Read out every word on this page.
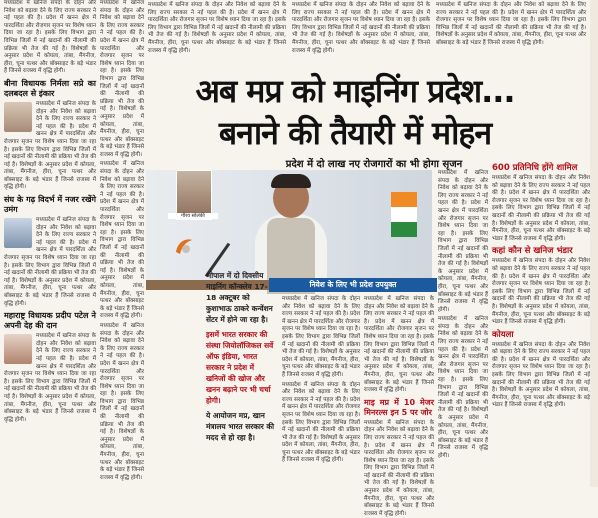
मध्यप्रदेश में खनिज संपदा के दोहन और निवेश को बढ़ावा देने के लिए राज्य सरकार ने नई पहल की है। प्रदेश में खनन क्षेत्र में पारदर्शिता और रोजगार सृजन पर विशेष ध्यान दिया जा रहा है। इसके लिए विभाग द्वारा विभिन्न जिलों में नई खदानों की नीलामी की प्रक्रिया भी तेज की गई है। विशेषज्ञों के अनुसार प्रदेश में कोयला, तांबा, मैंगनीज, हीरा, चूना पत्थर और बॉक्साइट के बड़े भंडार हैं जिनसे राजस्व में वृद्धि होगी।

बीना विधायक निर्मला सप्रे का दलबदल से इंकार

मध्यप्रदेश में खनिज संपदा के दोहन और निवेश को बढ़ावा देने के लिए राज्य सरकार ने नई पहल की है। प्रदेश में खनन क्षेत्र में पारदर्शिता और रोजगार सृजन पर विशेष ध्यान दिया जा रहा है। इसके लिए विभाग द्वारा विभिन्न जिलों में नई खदानों की नीलामी की प्रक्रिया भी तेज की गई है। विशेषज्ञों के अनुसार प्रदेश में कोयला, तांबा, मैंगनीज, हीरा, चूना पत्थर और बॉक्साइट के बड़े भंडार हैं जिनसे राजस्व में वृद्धि होगी।

संघ के गढ़ विदर्भ में नजर रखेंगे उमंग

मध्यप्रदेश में खनिज संपदा के दोहन और निवेश को बढ़ावा देने के लिए राज्य सरकार ने नई पहल की है। प्रदेश में खनन क्षेत्र में पारदर्शिता और रोजगार सृजन पर विशेष ध्यान दिया जा रहा है। इसके लिए विभाग द्वारा विभिन्न जिलों में नई खदानों की नीलामी की प्रक्रिया भी तेज की गई है। विशेषज्ञों के अनुसार प्रदेश में कोयला, तांबा, मैंगनीज, हीरा, चूना पत्थर और बॉक्साइट के बड़े भंडार हैं जिनसे राजस्व में वृद्धि होगी।

महाराष्ट्र विधायक प्रदीप पटेल ने अपनी देह की दान

मध्यप्रदेश में खनिज संपदा के दोहन और निवेश को बढ़ावा देने के लिए राज्य सरकार ने नई पहल की है। प्रदेश में खनन क्षेत्र में पारदर्शिता और रोजगार सृजन पर विशेष ध्यान दिया जा रहा है। इसके लिए विभाग द्वारा विभिन्न जिलों में नई खदानों की नीलामी की प्रक्रिया भी तेज की गई है। विशेषज्ञों के अनुसार प्रदेश में कोयला, तांबा, मैंगनीज, हीरा, चूना पत्थर और बॉक्साइट के बड़े भंडार हैं जिनसे राजस्व में वृद्धि होगी।

मध्यप्रदेश में खनिज संपदा के दोहन और निवेश को बढ़ावा देने के लिए राज्य सरकार ने नई पहल की है। प्रदेश में खनन क्षेत्र में पारदर्शिता और रोजगार सृजन पर विशेष ध्यान दिया जा रहा है। इसके लिए विभाग द्वारा विभिन्न जिलों में नई खदानों की नीलामी की प्रक्रिया भी तेज की गई है। विशेषज्ञों के अनुसार प्रदेश में कोयला, तांबा, मैंगनीज, हीरा, चूना पत्थर और बॉक्साइट के बड़े भंडार हैं जिनसे राजस्व में वृद्धि होगी।

मध्यप्रदेश में खनिज संपदा के दोहन और निवेश को बढ़ावा देने के लिए राज्य सरकार ने नई पहल की है। प्रदेश में खनन क्षेत्र में पारदर्शिता और रोजगार सृजन पर विशेष ध्यान दिया जा रहा है। इसके लिए विभाग द्वारा विभिन्न जिलों में नई खदानों की नीलामी की प्रक्रिया भी तेज की गई है। विशेषज्ञों के अनुसार प्रदेश में कोयला, तांबा, मैंगनीज, हीरा, चूना पत्थर और बॉक्साइट के बड़े भंडार हैं जिनसे राजस्व में वृद्धि होगी।

मध्यप्रदेश में खनिज संपदा के दोहन और निवेश को बढ़ावा देने के लिए राज्य सरकार ने नई पहल की है। प्रदेश में खनन क्षेत्र में पारदर्शिता और रोजगार सृजन पर विशेष ध्यान दिया जा रहा है। इसके लिए विभाग द्वारा विभिन्न जिलों में नई खदानों की नीलामी की प्रक्रिया भी तेज की गई है। विशेषज्ञों के अनुसार प्रदेश में कोयला, तांबा, मैंगनीज, हीरा, चूना पत्थर और बॉक्साइट के बड़े भंडार हैं जिनसे राजस्व में वृद्धि होगी।

मध्यप्रदेश में खनिज संपदा के दोहन और निवेश को बढ़ावा देने के लिए राज्य सरकार ने नई पहल की है। प्रदेश में खनन क्षेत्र में पारदर्शिता और रोजगार सृजन पर विशेष ध्यान दिया जा रहा है। इसके लिए विभाग द्वारा विभिन्न जिलों में नई खदानों की नीलामी की प्रक्रिया भी तेज की गई है। विशेषज्ञों के अनुसार प्रदेश में कोयला, तांबा, मैंगनीज, हीरा, चूना पत्थर और बॉक्साइट के बड़े भंडार हैं जिनसे राजस्व में वृद्धि होगी।

मध्यप्रदेश में खनिज संपदा के दोहन और निवेश को बढ़ावा देने के लिए राज्य सरकार ने नई पहल की है। प्रदेश में खनन क्षेत्र में पारदर्शिता और रोजगार सृजन पर विशेष ध्यान दिया जा रहा है। इसके लिए विभाग द्वारा विभिन्न जिलों में नई खदानों की नीलामी की प्रक्रिया भी तेज की गई है। विशेषज्ञों के अनुसार प्रदेश में कोयला, तांबा, मैंगनीज, हीरा, चूना पत्थर और बॉक्साइट के बड़े भंडार हैं जिनसे राजस्व में वृद्धि होगी।

मध्यप्रदेश में खनिज संपदा के दोहन और निवेश को बढ़ावा देने के लिए राज्य सरकार ने नई पहल की है। प्रदेश में खनन क्षेत्र में पारदर्शिता और रोजगार सृजन पर विशेष ध्यान दिया जा रहा है। इसके लिए विभाग द्वारा विभिन्न जिलों में नई खदानों की नीलामी की प्रक्रिया भी तेज की गई है। विशेषज्ञों के अनुसार प्रदेश में कोयला, तांबा, मैंगनीज, हीरा, चूना पत्थर और बॉक्साइट के बड़े भंडार हैं जिनसे राजस्व में वृद्धि होगी।

अब मप्र को माइनिंग प्रदेश...
बनाने की तैयारी में मोहन
प्रदेश में दो लाख नए रोजगारों का भी होगा सृजन
गौरव सोलंकी
निवेश के लिए भी प्रदेश उपयुक्त
भोपाल में दो दिवसीय माइनिंग कॉन्क्लेव 17-18 अक्टूबर को कुशाभाऊ ठाकरे कन्वेंशन सेंटर में होने जा रहा है।
इसमें भारत सरकार की संस्था जियोलॉजिकल सर्वे ऑफ इंडिया, भारत सरकार ने प्रदेश में खनिजों की खोज और खनन बढ़ाने पर भी चर्चा होगी।
ये आयोजन मप्र, खान मंत्रालय भारत सरकार की मदद से हो रहा है।

मध्यप्रदेश में खनिज संपदा के दोहन और निवेश को बढ़ावा देने के लिए राज्य सरकार ने नई पहल की है। प्रदेश में खनन क्षेत्र में पारदर्शिता और रोजगार सृजन पर विशेष ध्यान दिया जा रहा है। इसके लिए विभाग द्वारा विभिन्न जिलों में नई खदानों की नीलामी की प्रक्रिया भी तेज की गई है। विशेषज्ञों के अनुसार प्रदेश में कोयला, तांबा, मैंगनीज, हीरा, चूना पत्थर और बॉक्साइट के बड़े भंडार हैं जिनसे राजस्व में वृद्धि होगी।

मध्यप्रदेश में खनिज संपदा के दोहन और निवेश को बढ़ावा देने के लिए राज्य सरकार ने नई पहल की है। प्रदेश में खनन क्षेत्र में पारदर्शिता और रोजगार सृजन पर विशेष ध्यान दिया जा रहा है। इसके लिए विभाग द्वारा विभिन्न जिलों में नई खदानों की नीलामी की प्रक्रिया भी तेज की गई है। विशेषज्ञों के अनुसार प्रदेश में कोयला, तांबा, मैंगनीज, हीरा, चूना पत्थर और बॉक्साइट के बड़े भंडार हैं जिनसे राजस्व में वृद्धि होगी।

मध्यप्रदेश में खनिज संपदा के दोहन और निवेश को बढ़ावा देने के लिए राज्य सरकार ने नई पहल की है। प्रदेश में खनन क्षेत्र में पारदर्शिता और रोजगार सृजन पर विशेष ध्यान दिया जा रहा है। इसके लिए विभाग द्वारा विभिन्न जिलों में नई खदानों की नीलामी की प्रक्रिया भी तेज की गई है। विशेषज्ञों के अनुसार प्रदेश में कोयला, तांबा, मैंगनीज, हीरा, चूना पत्थर और बॉक्साइट के बड़े भंडार हैं जिनसे राजस्व में वृद्धि होगी।

माइ मप्र में 10 मेजर मिनरल्स इन 5 पर जोर

मध्यप्रदेश में खनिज संपदा के दोहन और निवेश को बढ़ावा देने के लिए राज्य सरकार ने नई पहल की है। प्रदेश में खनन क्षेत्र में पारदर्शिता और रोजगार सृजन पर विशेष ध्यान दिया जा रहा है। इसके लिए विभाग द्वारा विभिन्न जिलों में नई खदानों की नीलामी की प्रक्रिया भी तेज की गई है। विशेषज्ञों के अनुसार प्रदेश में कोयला, तांबा, मैंगनीज, हीरा, चूना पत्थर और बॉक्साइट के बड़े भंडार हैं जिनसे राजस्व में वृद्धि होगी।

मध्यप्रदेश में खनिज संपदा के दोहन और निवेश को बढ़ावा देने के लिए राज्य सरकार ने नई पहल की है। प्रदेश में खनन क्षेत्र में पारदर्शिता और रोजगार सृजन पर विशेष ध्यान दिया जा रहा है। इसके लिए विभाग द्वारा विभिन्न जिलों में नई खदानों की नीलामी की प्रक्रिया भी तेज की गई है। विशेषज्ञों के अनुसार प्रदेश में कोयला, तांबा, मैंगनीज, हीरा, चूना पत्थर और बॉक्साइट के बड़े भंडार हैं जिनसे राजस्व में वृद्धि होगी।

मध्यप्रदेश में खनिज संपदा के दोहन और निवेश को बढ़ावा देने के लिए राज्य सरकार ने नई पहल की है। प्रदेश में खनन क्षेत्र में पारदर्शिता और रोजगार सृजन पर विशेष ध्यान दिया जा रहा है। इसके लिए विभाग द्वारा विभिन्न जिलों में नई खदानों की नीलामी की प्रक्रिया भी तेज की गई है। विशेषज्ञों के अनुसार प्रदेश में कोयला, तांबा, मैंगनीज, हीरा, चूना पत्थर और बॉक्साइट के बड़े भंडार हैं जिनसे राजस्व में वृद्धि होगी।

600 प्रतिनिधि होंगे शामिल

मध्यप्रदेश में खनिज संपदा के दोहन और निवेश को बढ़ावा देने के लिए राज्य सरकार ने नई पहल की है। प्रदेश में खनन क्षेत्र में पारदर्शिता और रोजगार सृजन पर विशेष ध्यान दिया जा रहा है। इसके लिए विभाग द्वारा विभिन्न जिलों में नई खदानों की नीलामी की प्रक्रिया भी तेज की गई है। विशेषज्ञों के अनुसार प्रदेश में कोयला, तांबा, मैंगनीज, हीरा, चूना पत्थर और बॉक्साइट के बड़े भंडार हैं जिनसे राजस्व में वृद्धि होगी।

कहां कौन से खनिज भंडार

मध्यप्रदेश में खनिज संपदा के दोहन और निवेश को बढ़ावा देने के लिए राज्य सरकार ने नई पहल की है। प्रदेश में खनन क्षेत्र में पारदर्शिता और रोजगार सृजन पर विशेष ध्यान दिया जा रहा है। इसके लिए विभाग द्वारा विभिन्न जिलों में नई खदानों की नीलामी की प्रक्रिया भी तेज की गई है। विशेषज्ञों के अनुसार प्रदेश में कोयला, तांबा, मैंगनीज, हीरा, चूना पत्थर और बॉक्साइट के बड़े भंडार हैं जिनसे राजस्व में वृद्धि होगी।

कोयला

मध्यप्रदेश में खनिज संपदा के दोहन और निवेश को बढ़ावा देने के लिए राज्य सरकार ने नई पहल की है। प्रदेश में खनन क्षेत्र में पारदर्शिता और रोजगार सृजन पर विशेष ध्यान दिया जा रहा है। इसके लिए विभाग द्वारा विभिन्न जिलों में नई खदानों की नीलामी की प्रक्रिया भी तेज की गई है। विशेषज्ञों के अनुसार प्रदेश में कोयला, तांबा, मैंगनीज, हीरा, चूना पत्थर और बॉक्साइट के बड़े भंडार हैं जिनसे राजस्व में वृद्धि होगी।
